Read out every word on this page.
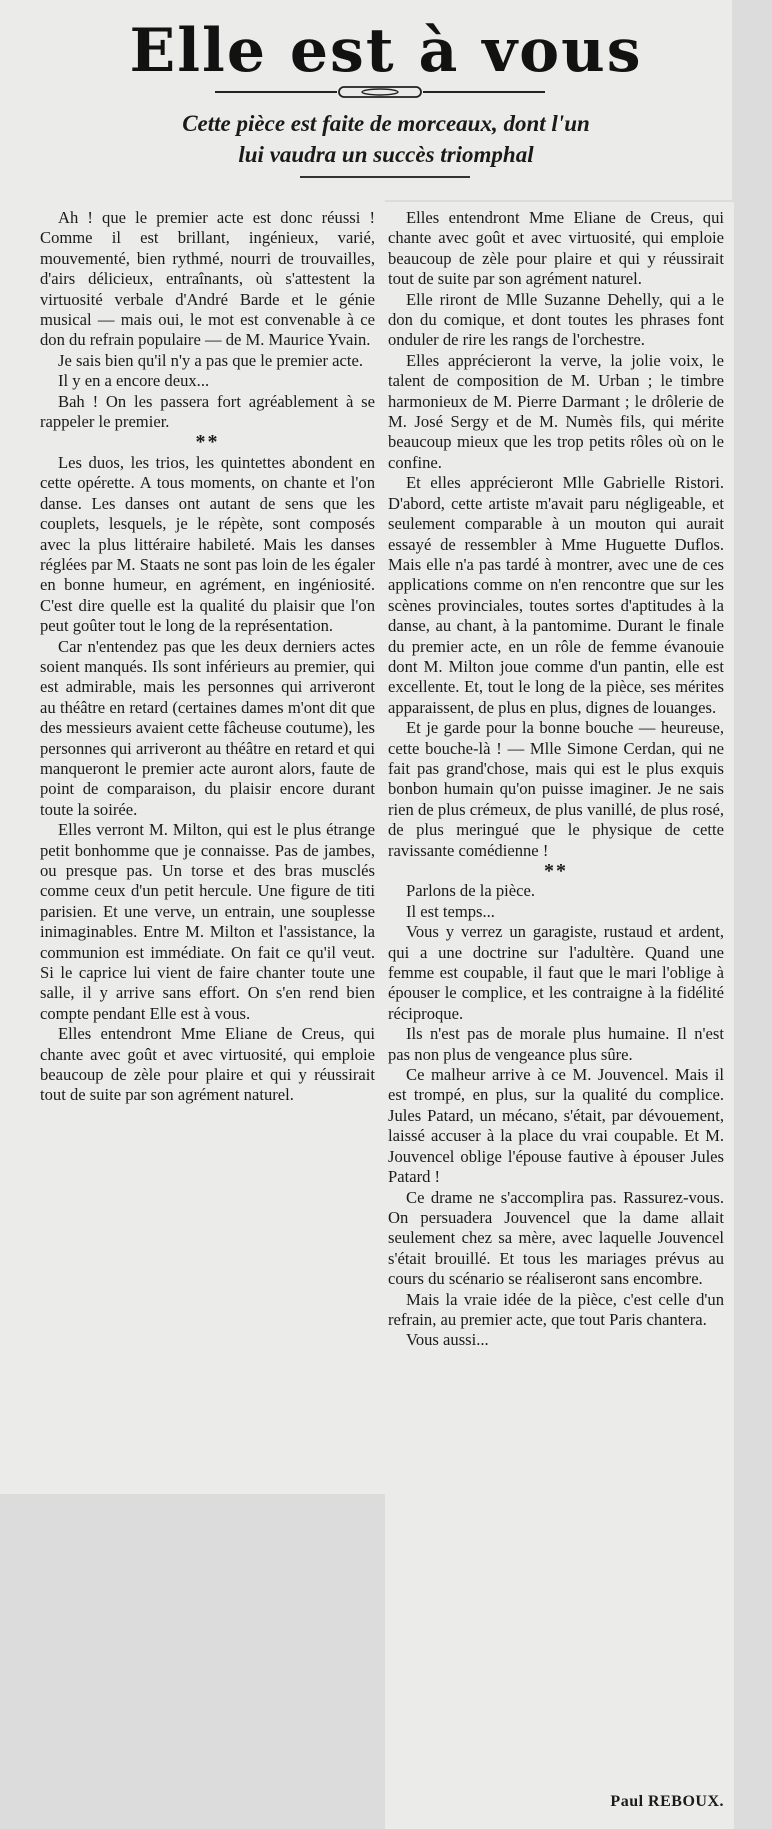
Elle est à vous
Cette pièce est faite de morceaux, dont l'un
lui vaudra un succès triomphal

Ah ! que le premier acte est donc réussi ! Comme il est brillant, ingénieux, varié, mouvementé, bien rythmé, nourri de trouvailles, d'airs délicieux, entraînants, où s'attestent la virtuosité verbale d'André Barde et le génie musical — mais oui, le mot est convenable à ce don du refrain populaire — de M. Maurice Yvain.

Je sais bien qu'il n'y a pas que le premier acte.

Il y en a encore deux...

Bah ! On les passera fort agréablement à se rappeler le premier.

**

Les duos, les trios, les quintettes abondent en cette opérette. A tous moments, on chante et l'on danse. Les danses ont autant de sens que les couplets, lesquels, je le répète, sont composés avec la plus littéraire habileté. Mais les danses réglées par M. Staats ne sont pas loin de les égaler en bonne humeur, en agrément, en ingéniosité. C'est dire quelle est la qualité du plaisir que l'on peut goûter tout le long de la représentation.

Car n'entendez pas que les deux derniers actes soient manqués. Ils sont inférieurs au premier, qui est admirable, mais les personnes qui arriveront au théâtre en retard (certaines dames m'ont dit que des messieurs avaient cette fâcheuse coutume), les personnes qui arriveront au théâtre en retard et qui manqueront le premier acte auront alors, faute de point de comparaison, du plaisir encore durant toute la soirée.

Elles verront M. Milton, qui est le plus étrange petit bonhomme que je connaisse. Pas de jambes, ou presque pas. Un torse et des bras musclés comme ceux d'un petit hercule. Une figure de titi parisien. Et une verve, un entrain, une souplesse inimaginables. Entre M. Milton et l'assistance, la communion est immédiate. On fait ce qu'il veut. Si le caprice lui vient de faire chanter toute une salle, il y arrive sans effort. On s'en rend bien compte pendant Elle est à vous.

Elles entendront Mme Eliane de Creus, qui chante avec goût et avec virtuosité, qui emploie beaucoup de zèle pour plaire et qui y réussirait tout de suite par son agrément naturel.

Elles entendront Mme Eliane de Creus, qui chante avec goût et avec virtuosité, qui emploie beaucoup de zèle pour plaire et qui y réussirait tout de suite par son agrément naturel.

Elle riront de Mlle Suzanne Dehelly, qui a le don du comique, et dont toutes les phrases font onduler de rire les rangs de l'orchestre.

Elles apprécieront la verve, la jolie voix, le talent de composition de M. Urban ; le timbre harmonieux de M. Pierre Darmant ; le drôlerie de M. José Sergy et de M. Numès fils, qui mérite beaucoup mieux que les trop petits rôles où on le confine.

Et elles apprécieront Mlle Gabrielle Ristori. D'abord, cette artiste m'avait paru négligeable, et seulement comparable à un mouton qui aurait essayé de ressembler à Mme Huguette Duflos. Mais elle n'a pas tardé à montrer, avec une de ces applications comme on n'en rencontre que sur les scènes provinciales, toutes sortes d'aptitudes à la danse, au chant, à la pantomime. Durant le finale du premier acte, en un rôle de femme évanouie dont M. Milton joue comme d'un pantin, elle est excellente. Et, tout le long de la pièce, ses mérites apparaissent, de plus en plus, dignes de louanges.

Et je garde pour la bonne bouche — heureuse, cette bouche-là ! — Mlle Simone Cerdan, qui ne fait pas grand'chose, mais qui est le plus exquis bonbon humain qu'on puisse imaginer. Je ne sais rien de plus crémeux, de plus vanillé, de plus rosé, de plus meringué que le physique de cette ravissante comédienne !

**

Parlons de la pièce.

Il est temps...

Vous y verrez un garagiste, rustaud et ardent, qui a une doctrine sur l'adultère. Quand une femme est coupable, il faut que le mari l'oblige à épouser le complice, et les contraigne à la fidélité réciproque.

Ils n'est pas de morale plus humaine. Il n'est pas non plus de vengeance plus sûre.

Ce malheur arrive à ce M. Jouvencel. Mais il est trompé, en plus, sur la qualité du complice. Jules Patard, un mécano, s'était, par dévouement, laissé accuser à la place du vrai coupable. Et M. Jouvencel oblige l'épouse fautive à épouser Jules Patard !

Ce drame ne s'accomplira pas. Rassurez-vous. On persuadera Jouvencel que la dame allait seulement chez sa mère, avec laquelle Jouvencel s'était brouillé. Et tous les mariages prévus au cours du scénario se réaliseront sans encombre.

Mais la vraie idée de la pièce, c'est celle d'un refrain, au premier acte, que tout Paris chantera.

Vous aussi...

Paul REBOUX.
